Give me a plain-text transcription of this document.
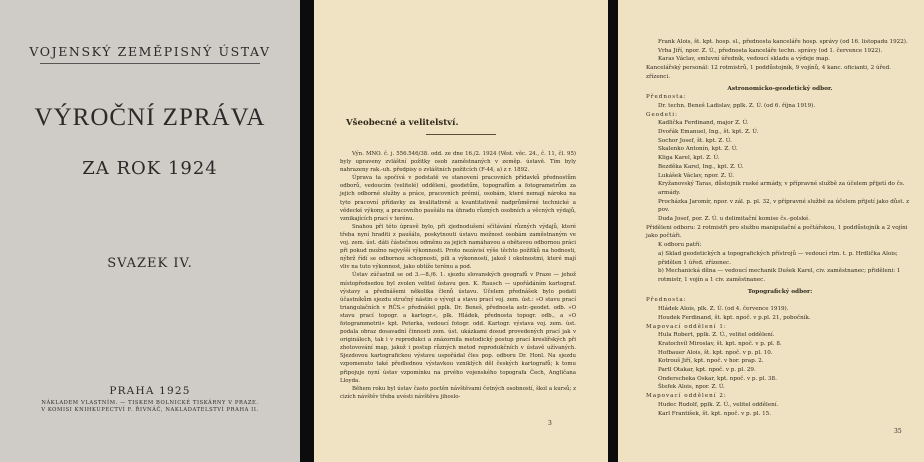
VOJENSKÝ ZEMĚPISNÝ ÚSTAV
VÝROČNÍ ZPRÁVA
ZA ROK 1924
SVAZEK IV.
PRAHA 1925
NÁKLADEM VLASTNÍM. — TISKEM BOLNICKÉ TISKÁRNY V PRAZE.
V KOMISI KNIHKUPECTVÍ F. ŘIVNÁČ, NAKLADATELSTVÍ PRAHA II.
Všeobecné a velitelství.

Výn. MNO. č. j. 556.546/38. odd. ze dne 16./2. 1924 (Věst. věc. 24., č. 11, čl. 95) byly upraveny zvláštní požitky osob zaměstnaných v zeměp. ústavě. Tím byly nahrazeny rak.-uh. předpisy o zvláštních požitcích (F-44, a) z r. 1892.

Úprava ta spočívá v podstatě ve stanovení pracovních přídavků přednostům odborů, vedoucím (velitelé) oddělení, geodetům, topografům a fotogrametrům za jejich odborné služby a práce, pracovních prémií, osobám, které nemají nároku na tyto pracovní přídavky za kvalitativně a kvantitativně nadprůměrné technické a vědecké výkony, a pracovního paušálu na úhradu různých osobních a věcných výdajů, vznikajících prací v terénu.

Snahou při této úpravě bylo, při zjednodušení sčítávání různých výdajů, které třeba nyní hraditi z paušálu, poskytnouti ústavu možnost osobám zaměstnaným ve voj. zem. úst. dáti částečnou odměnu za jejich namáhavou a obětavou odbornou práci při pokud možno nejvyšší výkonnosti. Proto nezávisí výše těchto požitků na hodnosti, nýbrž řídí se odbornou schopností, píli a výkonností, jakož i okolnostmi, které mají vliv na tuto výkonnost, jako obtíže terénu a pod.

Ústav zúčastnil se od 3.—8./6. 1. sjezdu slovanských geografů v Praze — jehož místopředsedou byl zvolen velitel ústavu gen. K. Rausch — upořádáním kartograf. výstavy a přednášemi několika členů ústavu. Účelem přednášek bylo podati účastníkům sjezdu stručný nástin o vývoji a stavu prací voj. zem. úst.: »O stavu prací triangulačních v RČS.« přednášel pplk. Dr. Beneš, přednosta astr.-geodet. odb. »O stavu prací topogr. a kartogr.«, plk. Hládek, přednosta topogr. odb., a »O fotogrammetrii« kpt. Peterka, vedoucí fotogr. odd. Kartogr. výstava voj. zem. úst. podala obraz dosavadní činnosti zem. úst. ukázkami dosud provedených prací jak v originálech, tak i v reprodukci a znázornila metodický postup prací kreslířských při zhotovování map, jakož i postup různých metod reprodukčních v ústavě užívaných. Sjezdovou kartografickou výstavu uspořádal čles pop. odboru Dr. Honl. Na sjezdu vzpomenuto také předlednou výstavkou vzniklých děl českých kartografů; k tomu připojuje nyní ústav vzpomínku na prvého vojenského topografa Čech, Angličana Lloyda.

Během roku byl ústav často poctěn návštěvami četných osobností, škol a kursů; z cizích návštěv třeba uvésti návštěvu jihoslo-

3
Frank Alois, št. kpt. hosp. sl., přednosta kanceláře hosp. správy (od 16. listopadu 1922).
Vrba Jiří, npor. Z. Ú., přednosta kanceláře techn. správy (od 1. července 1922).
Karas Václav, smluvní úředník, vedoucí skladu a výdeje map.
Kancelářský personál: 12 rotmistrů, 1 poddůstojník, 9 vojínů, 4 kanc. oficianti, 2 úřed. zřízenci.
Astronomicko-geodetický odbor.
Přednosta:
Dr. techn. Beneš Ladislav, pplk. Z. Ú. (od 6. října 1919).
Geodeti:
Kadlička Ferdinand, major Z. Ú.
Dvořák Emanuel, Ing., št. kpt. Z. Ú.
Sochor Josef, št. kpt. Z. Ú.
Skalenko Antonín, kpt. Z. Ú.
Kliga Karel, kpt. Z. Ú.
Bezděka Karel, Ing., kpt. Z. Ú.
Lukášek Václav, npor. Z. Ú.
Kryžanovský Taras, důstojník ruské armády, v přípravné službě za účelem přijetí do čs. armády.
Procházka Jaromír, npor. v zál. p. pl. 32, v přípravné službě za účelem přijetí jako důst. z pov.
Duda Josef, por. Z. Ú. u delimitační komise čs.-polské.
Přiděleni odboru: 2 rotmistři pro službu manipulační a počtářskou, 1 poddůstojník a 2 vojíni jako počtáři.
K odboru patří:
a) Sklad geodetických a topografických přístrojů — vedoucí rtm. t. p. Hrdlička Alois; přidělen 1 úřed. zřízenec.
b) Mechanická dílna — vedoucí mechanik Dušek Karel, civ. zaměstnanec; přiděleni: 1 rotmistr, 1 vojín a 1 civ. zaměstnanec.
Topografický odbor:
Přednosta:
Hládek Alois, plk. Z. Ú. (od 4. července 1919).
Houdek Ferdinand, št. kpt. npoč. v p.pl. 21, pobočník.
Mapovací oddělení 1:
Hula Robert, pplk. Z. Ú., velitel oddělení.
Kratochvíl Miroslav, št. kpt. npoč. v p. pl. 8.
Hofbauer Alois, št. kpt. npoč. v p. pl. 10.
Kotrouš Jiří, kpt. npoč. v hor. prap. 2.
Partl Otakar, kpt. npoč. v p. pl. 29.
Onderscheka Oskar, kpt. npoč. v p. pl. 38.
Štefek Alois, npor. Z. Ú.
Mapovací oddělení 2:
Hudec Rudolf, pplk. Z. Ú., velitel oddělení.
Karl František, št. kpt. npoč. v p. pl. 15.
35
